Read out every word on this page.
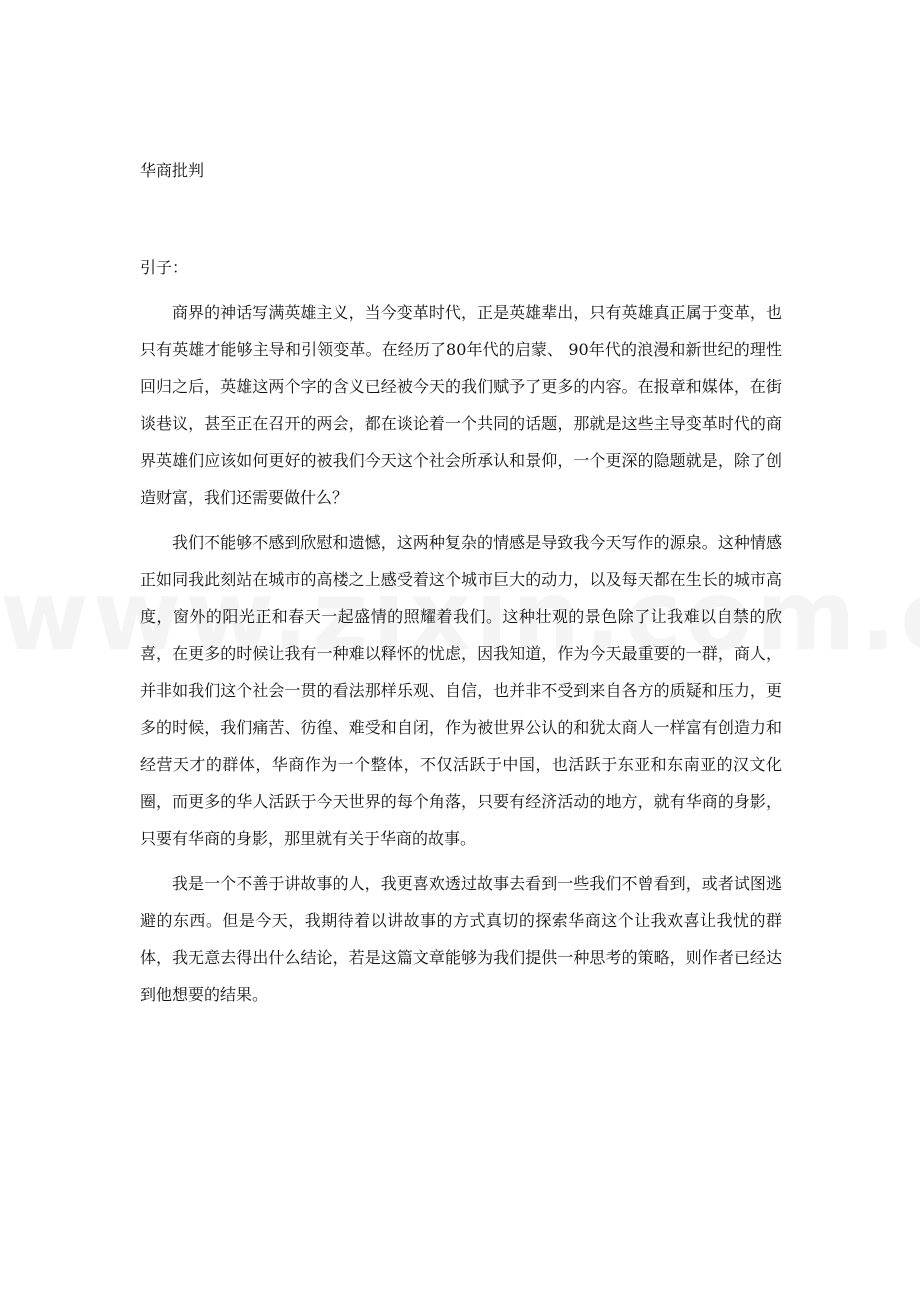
华商批判
引子：

商界的神话写满英雄主义，当今变革时代，正是英雄辈出，只有英雄真正属于变革，也只有英雄才能够主导和引领变革。在经历了80年代的启蒙、 90年代的浪漫和新世纪的理性回归之后，英雄这两个字的含义已经被今天的我们赋予了更多的内容。在报章和媒体，在街谈巷议，甚至正在召开的两会，都在谈论着一个共同的话题，那就是这些主导变革时代的商界英雄们应该如何更好的被我们今天这个社会所承认和景仰，一个更深的隐题就是，除了创造财富，我们还需要做什么？

我们不能够不感到欣慰和遗憾，这两种复杂的情感是导致我今天写作的源泉。这种情感正如同我此刻站在城市的高楼之上感受着这个城市巨大的动力，以及每天都在生长的城市高度，窗外的阳光正和春天一起盛情的照耀着我们。这种壮观的景色除了让我难以自禁的欣喜，在更多的时候让我有一种难以释怀的忧虑，因我知道，作为今天最重要的一群，商人，并非如我们这个社会一贯的看法那样乐观、自信，也并非不受到来自各方的质疑和压力，更多的时候，我们痛苦、彷徨、难受和自闭，作为被世界公认的和犹太商人一样富有创造力和经营天才的群体，华商作为一个整体，不仅活跃于中国，也活跃于东亚和东南亚的汉文化圈，而更多的华人活跃于今天世界的每个角落，只要有经济活动的地方，就有华商的身影，只要有华商的身影，那里就有关于华商的故事。

我是一个不善于讲故事的人，我更喜欢透过故事去看到一些我们不曾看到，或者试图逃避的东西。但是今天，我期待着以讲故事的方式真切的探索华商这个让我欢喜让我忧的群体，我无意去得出什么结论，若是这篇文章能够为我们提供一种思考的策略，则作者已经达到他想要的结果。
